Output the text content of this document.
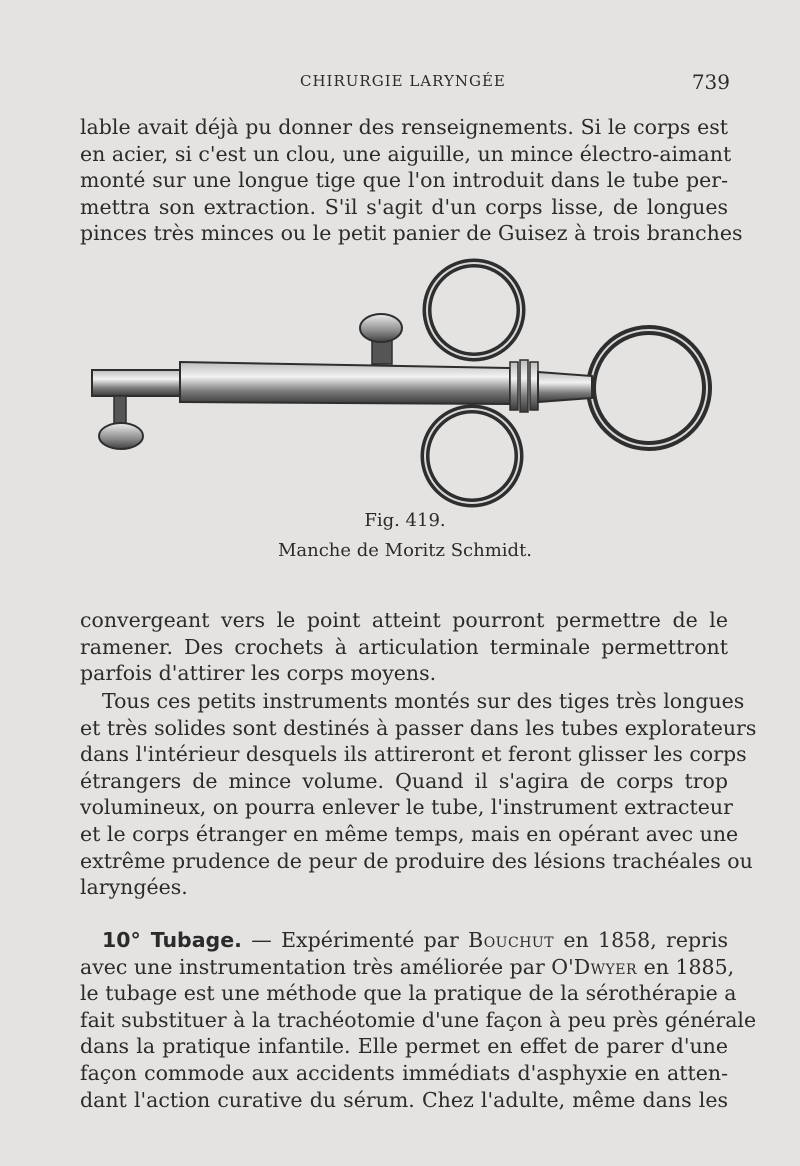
CHIRURGIE LARYNGÉE	739

lable avait déjà pu donner des renseignements. Si le corps est
en acier, si c'est un clou, une aiguille, un mince électro-aimant
monté sur une longue tige que l'on introduit dans le tube per-
mettra son extraction. S'il s'agit d'un corps lisse, de longues
pinces très minces ou le petit panier de Guisez à trois branches

Fig. 419.
Manche de Moritz Schmidt.

convergeant vers le point atteint pourront permettre de le
ramener. Des crochets à articulation terminale permettront
parfois d'attirer les corps moyens.

Tous ces petits instruments montés sur des tiges très longues
et très solides sont destinés à passer dans les tubes explorateurs
dans l'intérieur desquels ils attireront et feront glisser les corps
étrangers de mince volume. Quand il s'agira de corps trop
volumineux, on pourra enlever le tube, l'instrument extracteur
et le corps étranger en même temps, mais en opérant avec une
extrême prudence de peur de produire des lésions trachéales ou
laryngées.

10° Tubage. — Expérimenté par Bouchut en 1858, repris
avec une instrumentation très améliorée par O'Dwyer en 1885,
le tubage est une méthode que la pratique de la sérothérapie a
fait substituer à la trachéotomie d'une façon à peu près générale
dans la pratique infantile. Elle permet en effet de parer d'une
façon commode aux accidents immédiats d'asphyxie en atten-
dant l'action curative du sérum. Chez l'adulte, même dans les
